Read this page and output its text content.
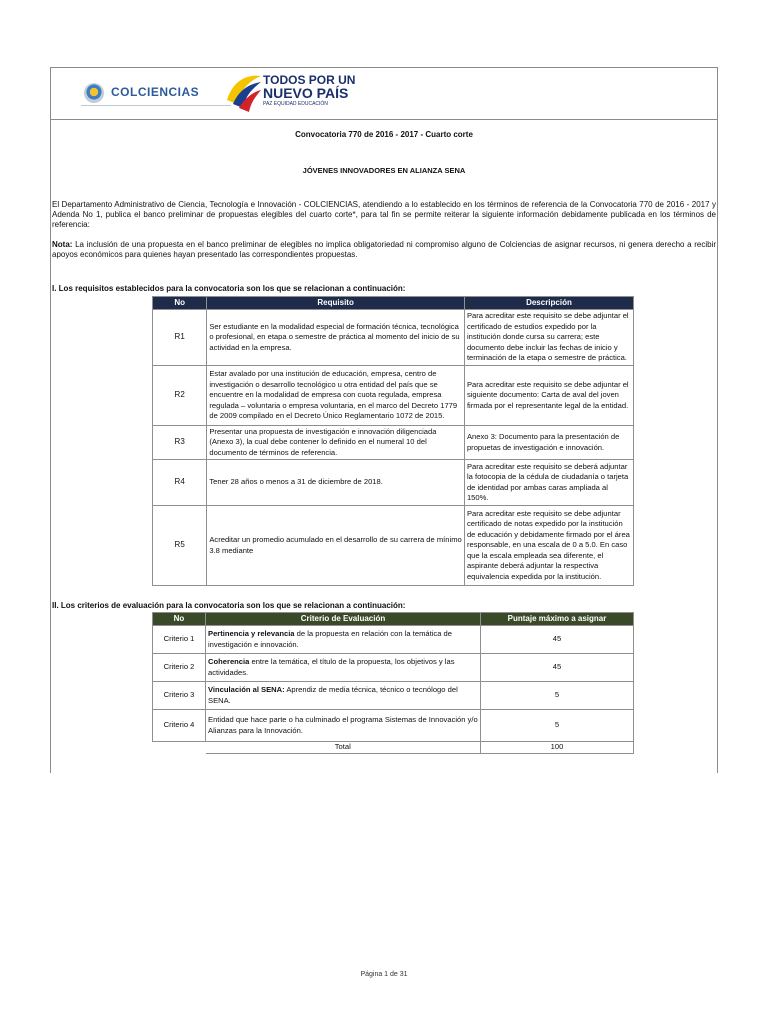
COLCIENCIAS
TODOS POR UN
NUEVO PAÍS
PAZ EQUIDAD EDUCACIÓN
Convocatoria 770 de 2016 - 2017 - Cuarto corte
JÓVENES INNOVADORES EN ALIANZA SENA
El Departamento Administrativo de Ciencia, Tecnología e Innovación - COLCIENCIAS, atendiendo a lo establecido en los términos de referencia de la Convocatoria 770 de 2016 - 2017 y Adenda No 1, publica el banco preliminar de propuestas elegibles del cuarto corte*, para tal fin se permite reiterar la siguiente información debidamente publicada en los términos de referencia:
Nota: La inclusión de una propuesta en el banco preliminar de elegibles no implica obligatoriedad ni compromiso alguno de Colciencias de asignar recursos, ni genera derecho a recibir apoyos económicos para quienes hayan presentado las correspondientes propuestas.
I. Los requisitos establecidos para la convocatoria son los que se relacionan a continuación:
No	Requisito	Descripción
R1	Ser estudiante en la modalidad especial de formación técnica, tecnológica o profesional, en etapa o semestre de práctica al momento del inicio de su actividad en la empresa.	Para acreditar este requisito se debe adjuntar el certificado de estudios expedido por la institución donde cursa su carrera; este documento debe incluir las fechas de inicio y terminación de la etapa o semestre de práctica.
R2	Estar avalado por una institución de educación, empresa, centro de investigación o desarrollo tecnológico u otra entidad del país que se encuentre en la modalidad de empresa con cuota regulada, empresa regulada – voluntaria o empresa voluntaria, en el marco del Decreto 1779 de 2009 compilado en el Decreto Único Reglamentario 1072 de 2015.	Para acreditar este requisito se debe adjuntar el siguiente documento: Carta de aval del joven firmada por el representante legal de la entidad.
R3	Presentar una propuesta de investigación e innovación diligenciada (Anexo 3), la cual debe contener lo definido en el numeral 10 del documento de términos de referencia.	Anexo 3: Documento para la presentación de propuetas de investigación e innovación.
R4	Tener 28 años o menos a 31 de diciembre de 2018.	Para acreditar este requisito se deberá adjuntar la fotocopia de la cédula de ciudadanía o tarjeta de identidad por ambas caras ampliada al 150%.
R5	Acreditar un promedio acumulado en el desarrollo de su carrera de mínimo 3.8 mediante	Para acreditar este requisito se debe adjuntar certificado de notas expedido por la institución de educación y debidamente firmado por el área responsable, en una escala de 0 a 5.0. En caso que la escala empleada sea diferente, el aspirante deberá adjuntar la respectiva equivalencia expedida por la institución.
II. Los criterios de evaluación para la convocatoria son los que se relacionan a continuación:
No	Criterio de Evaluación	Puntaje máximo a asignar
Criterio 1	Pertinencia y relevancia de la propuesta en relación con la temática de investigación e innovación.	45
Criterio 2	Coherencia entre la temática, el título de la propuesta, los objetivos y las actividades.	45
Criterio 3	Vinculación al SENA: Aprendiz de media técnica, técnico o tecnólogo del SENA.	5
Criterio 4	Entidad que hace parte o ha culminado el programa Sistemas de Innovación y/o Alianzas para la Innovación.	5
	Total	100
Página 1 de 31
